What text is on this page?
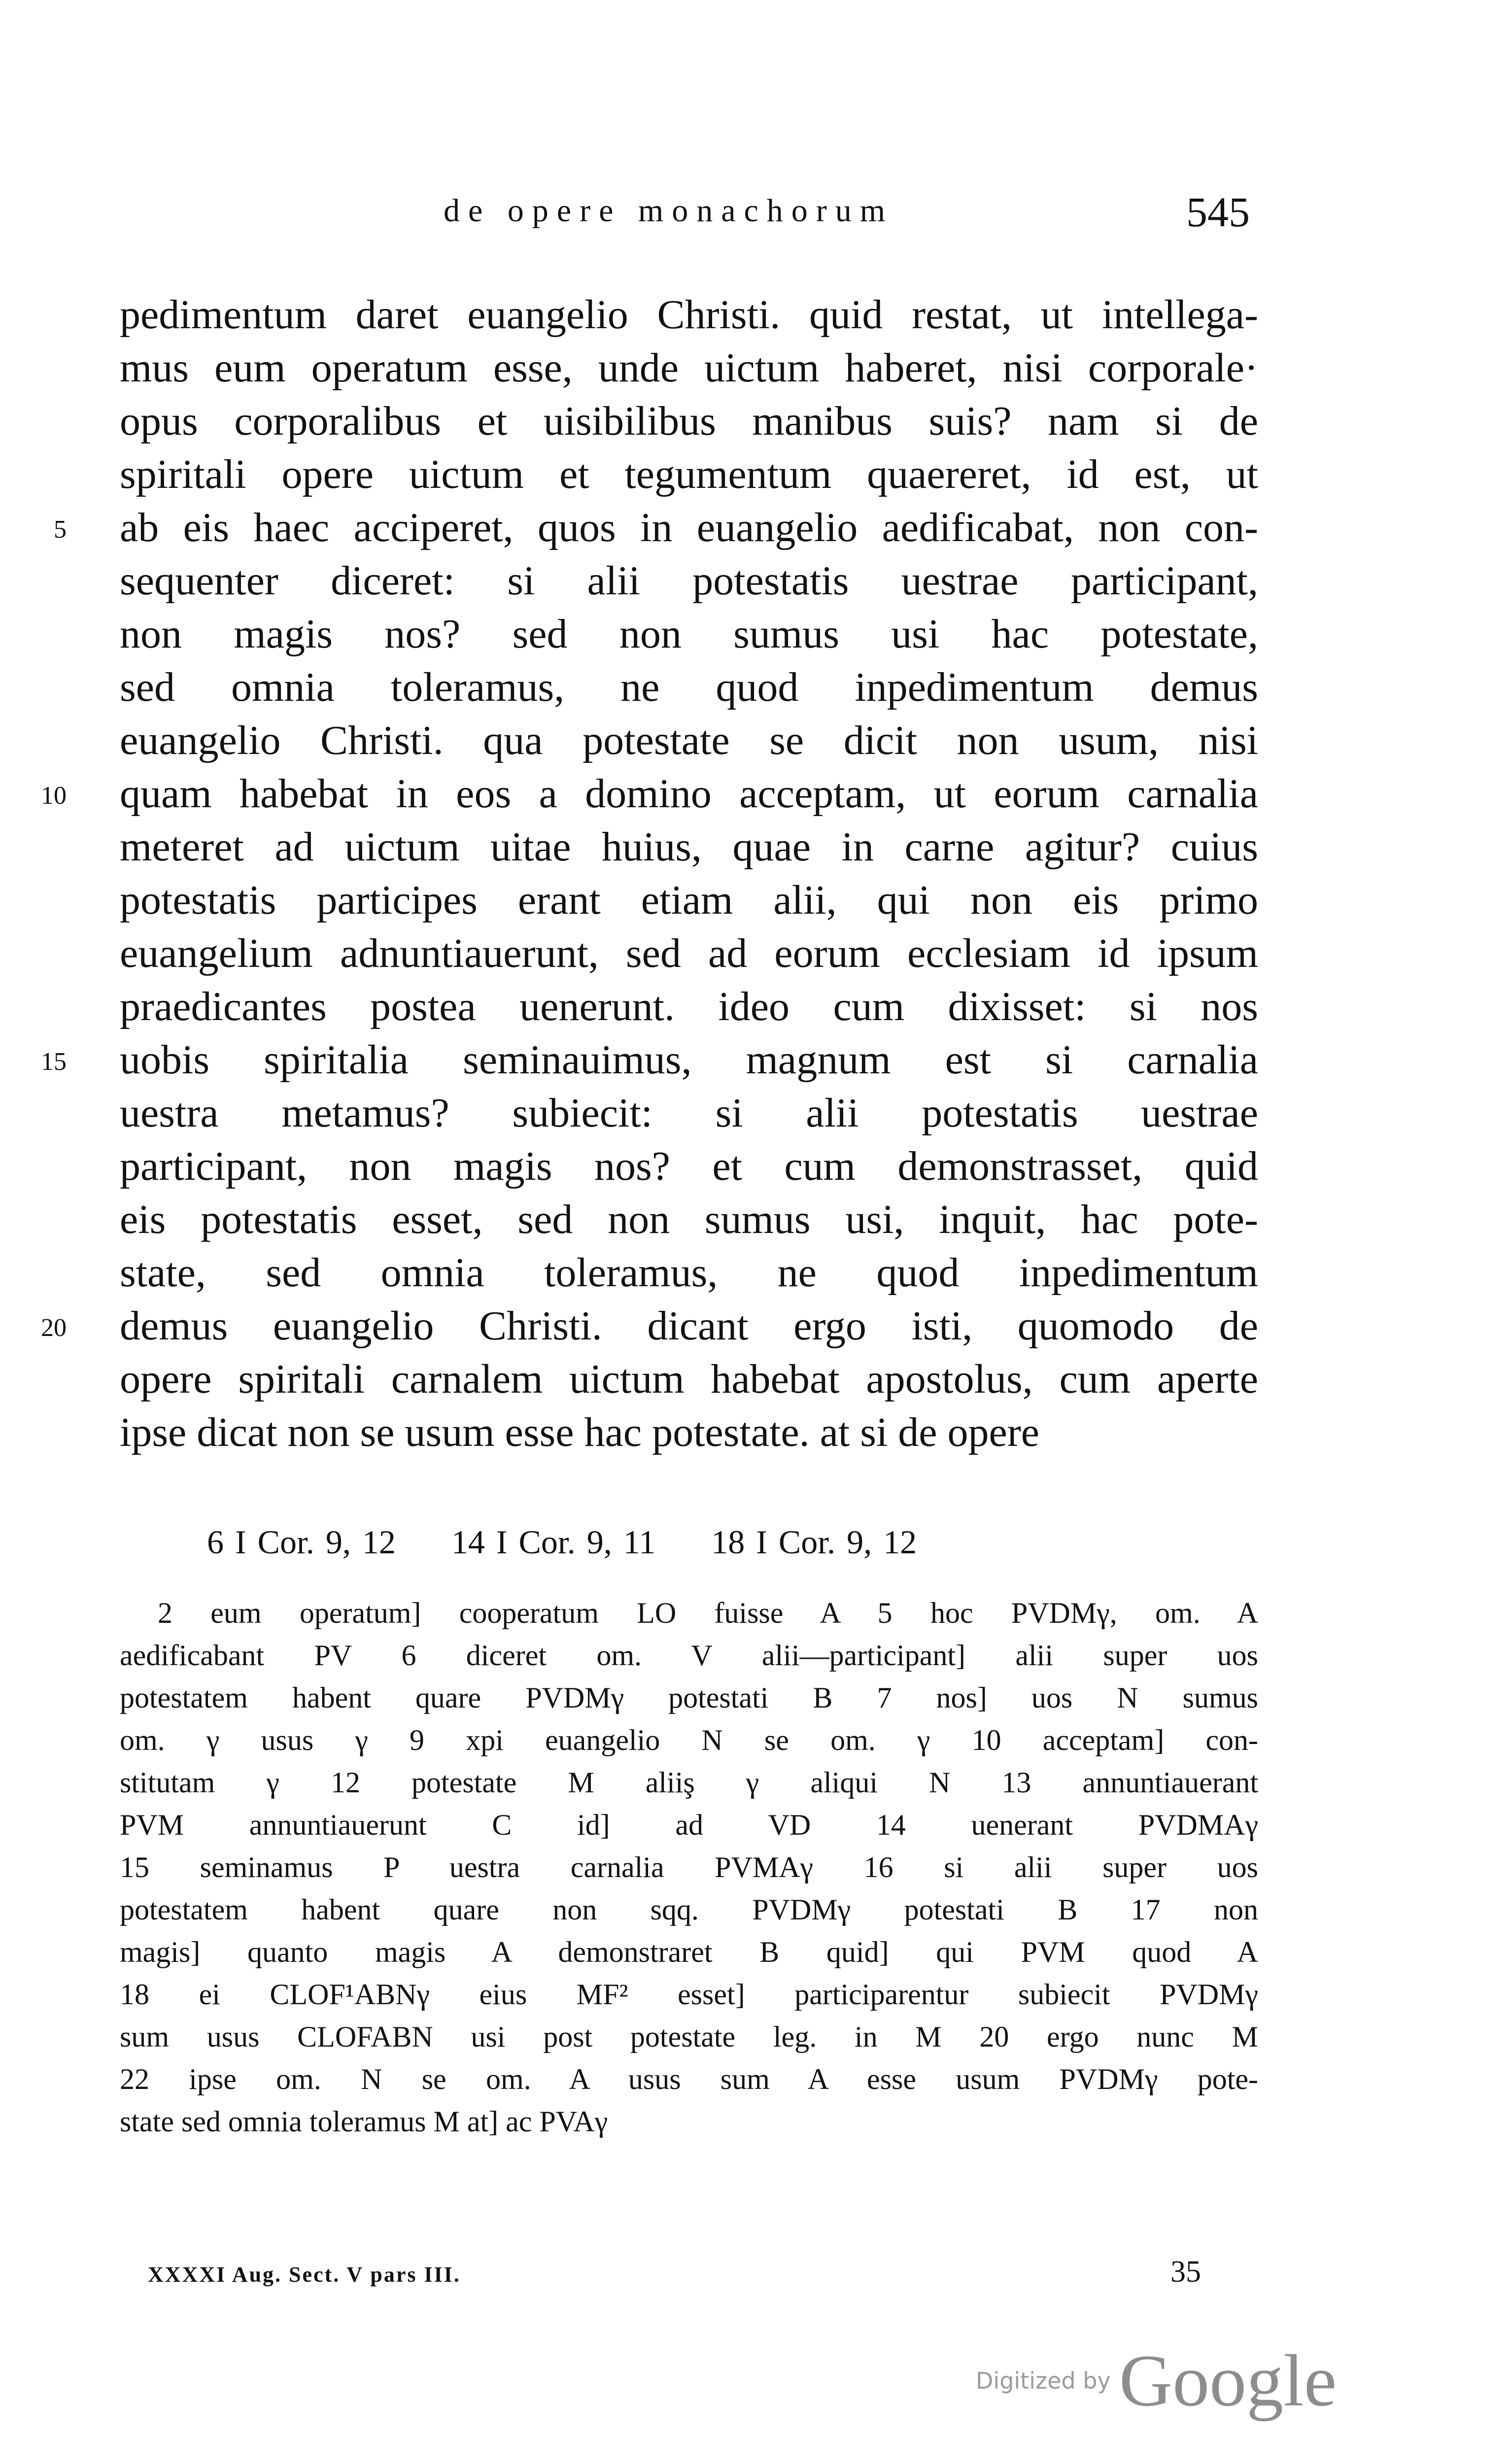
de opere monachorum	545
pedimentum daret euangelio Christi. quid restat, ut intellega-
mus eum operatum esse, unde uictum haberet, nisi corporale·
opus corporalibus et uisibilibus manibus suis? nam si de
spiritali opere uictum et tegumentum quaereret, id est, ut
ab eis haec acciperet, quos in euangelio aedificabat, non con-
sequenter diceret: si alii potestatis uestrae participant,
non magis nos? sed non sumus usi hac potestate,
sed omnia toleramus, ne quod inpedimentum demus
euangelio Christi. qua potestate se dicit non usum, nisi
quam habebat in eos a domino acceptam, ut eorum carnalia
meteret ad uictum uitae huius, quae in carne agitur? cuius
potestatis participes erant etiam alii, qui non eis primo
euangelium adnuntiauerunt, sed ad eorum ecclesiam id ipsum
praedicantes postea uenerunt. ideo cum dixisset: si nos
uobis spiritalia seminauimus, magnum est si carnalia
uestra metamus? subiecit: si alii potestatis uestrae
participant, non magis nos? et cum demonstrasset, quid
eis potestatis esset, sed non sumus usi, inquit, hac pote-
state, sed omnia toleramus, ne quod inpedimentum
demus euangelio Christi. dicant ergo isti, quomodo de
opere spiritali carnalem uictum habebat apostolus, cum aperte
ipse dicat non se usum esse hac potestate. at si de opere
5
10
15
20
6 I Cor. 9, 12 14 I Cor. 9, 11 18 I Cor. 9, 12
2 eum operatum] cooperatum LO fuisse A 5 hoc PVDMγ, om. A
aedificabant PV 6 diceret om. V alii—participant] alii super uos
potestatem habent quare PVDMγ potestati B 7 nos] uos N sumus
om. γ usus γ 9 xpi euangelio N se om. γ 10 acceptam] con-
stitutam γ 12 potestate M aliiş γ aliqui N 13 annuntiauerant
PVM annuntiauerunt C id] ad VD 14 uenerant PVDMAγ
15 seminamus P uestra carnalia PVMAγ 16 si alii super uos
potestatem habent quare non sqq. PVDMγ potestati B 17 non
magis] quanto magis A demonstraret B quid] qui PVM quod A
18 ei CLOF¹ABNγ eius MF² esset] participarentur subiecit PVDMγ
sum usus CLOFABN usi post potestate leg. in M 20 ergo nunc M
22 ipse om. N se om. A usus sum A esse usum PVDMγ pote-
state sed omnia toleramus M at] ac PVAγ
XXXXI Aug. Sect. V pars III.	35
Digitized by Google
